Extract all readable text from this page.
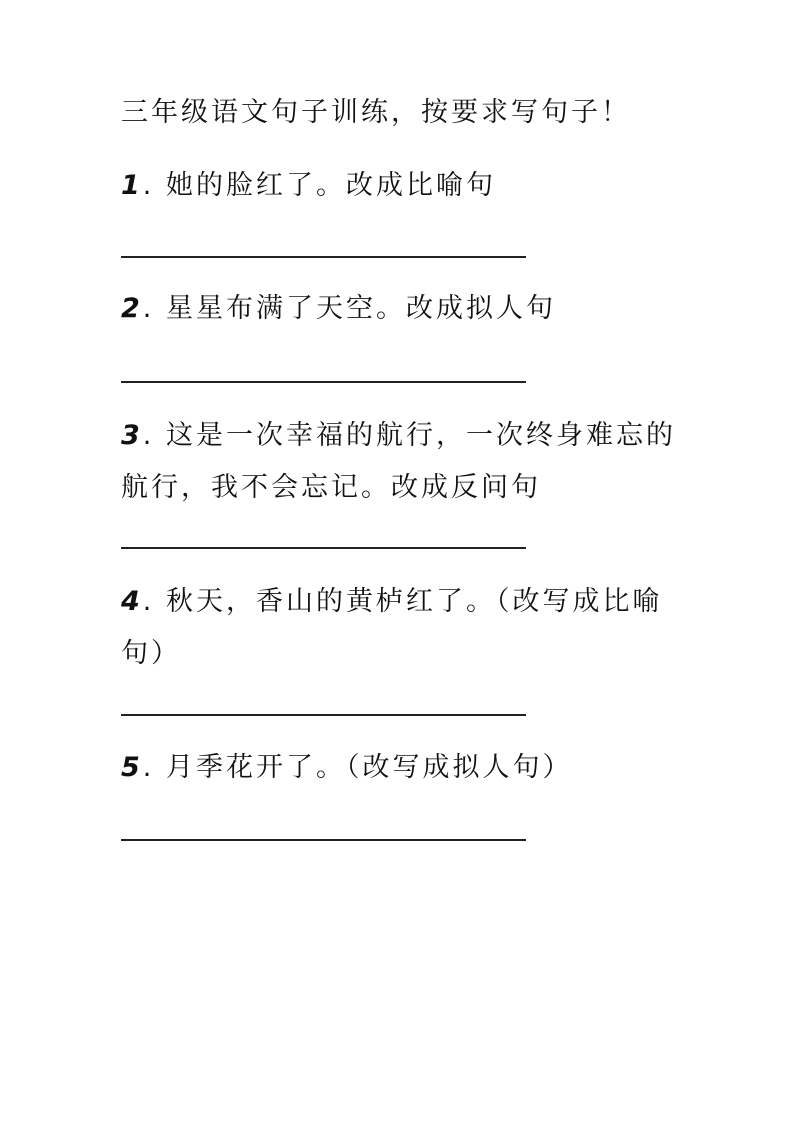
三年级语文句子训练，按要求写句子！
1. 她的脸红了。改成比喻句
2. 星星布满了天空。改成拟人句
3. 这是一次幸福的航行，一次终身难忘的航行，我不会忘记。改成反问句
4. 秋天，香山的黄栌红了。（改写成比喻句）
5. 月季花开了。（改写成拟人句）
